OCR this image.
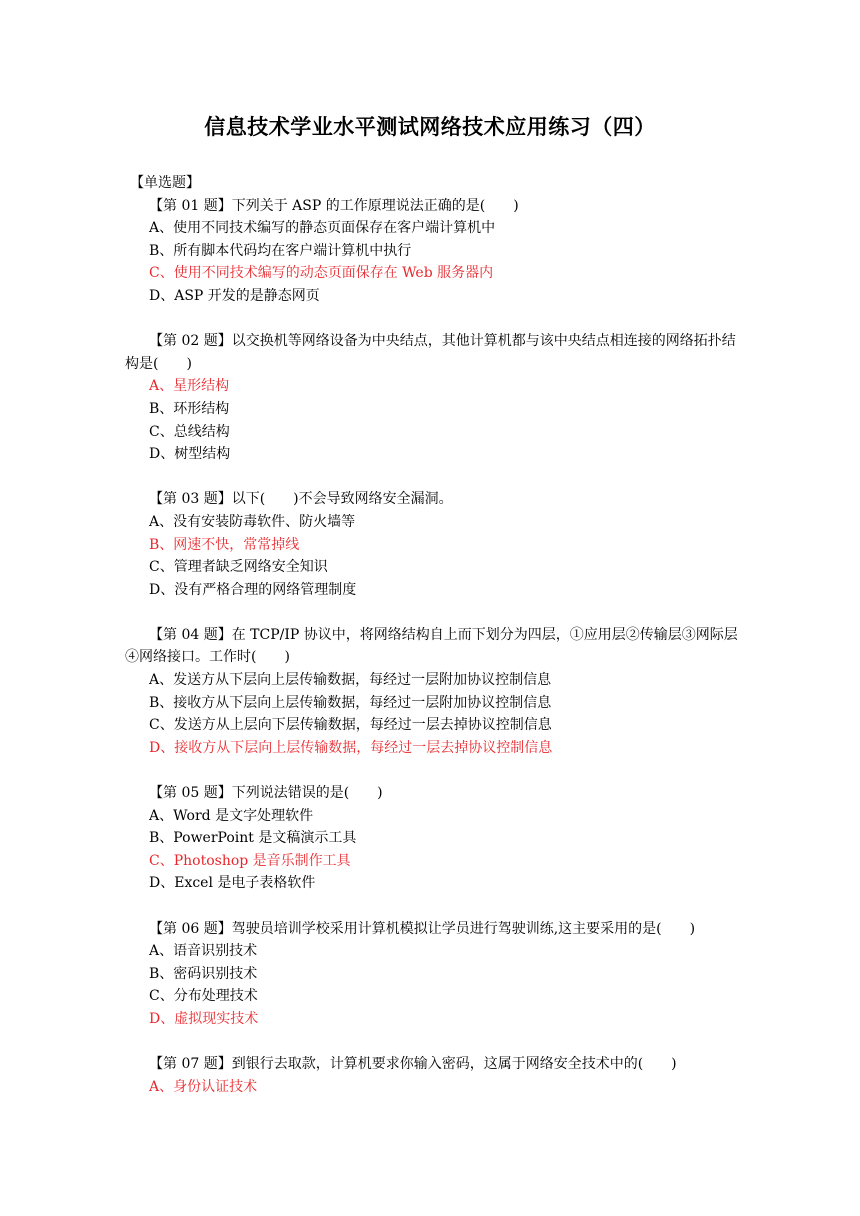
信息技术学业水平测试网络技术应用练习（四）
【单选题】
【第 01 题】下列关于 ASP 的工作原理说法正确的是(　　)
A、使用不同技术编写的静态页面保存在客户端计算机中
B、所有脚本代码均在客户端计算机中执行
C、使用不同技术编写的动态页面保存在 Web 服务器内
D、ASP 开发的是静态网页
【第 02 题】以交换机等网络设备为中央结点，其他计算机都与该中央结点相连接的网络拓扑结构是(　　)
A、星形结构
B、环形结构
C、总线结构
D、树型结构
【第 03 题】以下(　　)不会导致网络安全漏洞。
A、没有安装防毒软件、防火墙等
B、网速不快，常常掉线
C、管理者缺乏网络安全知识
D、没有严格合理的网络管理制度
【第 04 题】在 TCP/IP 协议中，将网络结构自上而下划分为四层，①应用层②传输层③网际层④网络接口。工作时(　　)
A、发送方从下层向上层传输数据，每经过一层附加协议控制信息
B、接收方从下层向上层传输数据，每经过一层附加协议控制信息
C、发送方从上层向下层传输数据，每经过一层去掉协议控制信息
D、接收方从下层向上层传输数据，每经过一层去掉协议控制信息
【第 05 题】下列说法错误的是(　　)
A、Word 是文字处理软件
B、PowerPoint 是文稿演示工具
C、Photoshop 是音乐制作工具
D、Excel 是电子表格软件
【第 06 题】驾驶员培训学校采用计算机模拟让学员进行驾驶训练,这主要采用的是(　　)
A、语音识别技术
B、密码识别技术
C、分布处理技术
D、虚拟现实技术
【第 07 题】到银行去取款，计算机要求你输入密码，这属于网络安全技术中的(　　)
A、身份认证技术
